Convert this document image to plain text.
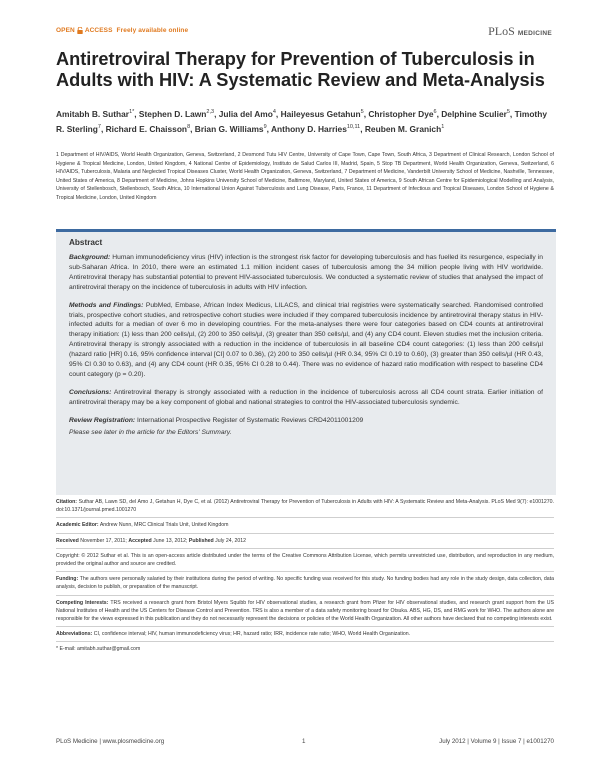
OPEN ACCESS Freely available online	PLoS MEDICINE
Antiretroviral Therapy for Prevention of Tuberculosis in Adults with HIV: A Systematic Review and Meta-Analysis
Amitabh B. Suthar$^{1*}$, Stephen D. Lawn$^{2,3}$, Julia del Amo$^4$, Haileyesus Getahun$^5$, Christopher Dye$^6$, Delphine Sculier$^5$, Timothy R. Sterling$^7$, Richard E. Chaisson$^8$, Brian G. Williams$^9$, Anthony D. Harries$^{10,11}$, Reuben M. Granich$^1$
1 Department of HIV/AIDS, World Health Organization, Geneva, Switzerland, 2 Desmond Tutu HIV Centre, University of Cape Town, Cape Town, South Africa, 3 Department of Clinical Research, London School of Hygiene & Tropical Medicine, London, United Kingdom, 4 National Centre of Epidemiology, Instituto de Salud Carlos III, Madrid, Spain, 5 Stop TB Department, World Health Organization, Geneva, Switzerland, 6 HIV/AIDS, Tuberculosis, Malaria and Neglected Tropical Diseases Cluster, World Health Organization, Geneva, Switzerland, 7 Department of Medicine, Vanderbilt University School of Medicine, Nashville, Tennessee, United States of America, 8 Department of Medicine, Johns Hopkins University School of Medicine, Baltimore, Maryland, United States of America, 9 South African Centre for Epidemiological Modelling and Analysis, University of Stellenbosch, Stellenbosch, South Africa, 10 International Union Against Tuberculosis and Lung Disease, Paris, France, 11 Department of Infectious and Tropical Diseases, London School of Hygiene & Tropical Medicine, London, United Kingdom
Abstract

Background: Human immunodeficiency virus (HIV) infection is the strongest risk factor for developing tuberculosis and has fuelled its resurgence, especially in sub-Saharan Africa. In 2010, there were an estimated 1.1 million incident cases of tuberculosis among the 34 million people living with HIV worldwide. Antiretroviral therapy has substantial potential to prevent HIV-associated tuberculosis. We conducted a systematic review of studies that analysed the impact of antiretroviral therapy on the incidence of tuberculosis in adults with HIV infection.

Methods and Findings: PubMed, Embase, African Index Medicus, LILACS, and clinical trial registries were systematically searched. Randomised controlled trials, prospective cohort studies, and retrospective cohort studies were included if they compared tuberculosis incidence by antiretroviral therapy status in HIV-infected adults for a median of over 6 mo in developing countries. For the meta-analyses there were four categories based on CD4 counts at antiretroviral therapy initiation: (1) less than 200 cells/µl, (2) 200 to 350 cells/µl, (3) greater than 350 cells/µl, and (4) any CD4 count. Eleven studies met the inclusion criteria. Antiretroviral therapy is strongly associated with a reduction in the incidence of tuberculosis in all baseline CD4 count categories: (1) less than 200 cells/µl (hazard ratio [HR] 0.16, 95% confidence interval [CI] 0.07 to 0.36), (2) 200 to 350 cells/µl (HR 0.34, 95% CI 0.19 to 0.60), (3) greater than 350 cells/µl (HR 0.43, 95% CI 0.30 to 0.63), and (4) any CD4 count (HR 0.35, 95% CI 0.28 to 0.44). There was no evidence of hazard ratio modification with respect to baseline CD4 count category (p = 0.20).

Conclusions: Antiretroviral therapy is strongly associated with a reduction in the incidence of tuberculosis across all CD4 count strata. Earlier initiation of antiretroviral therapy may be a key component of global and national strategies to control the HIV-associated tuberculosis syndemic.

Review Registration: International Prospective Register of Systematic Reviews CRD42011001209

Please see later in the article for the Editors' Summary.

Citation: Suthar AB, Lawn SD, del Amo J, Getahun H, Dye C, et al. (2012) Antiretroviral Therapy for Prevention of Tuberculosis in Adults with HIV: A Systematic Review and Meta-Analysis. PLoS Med 9(7): e1001270. doi:10.1371/journal.pmed.1001270
Academic Editor: Andrew Nunn, MRC Clinical Trials Unit, United Kingdom
Received November 17, 2011; Accepted June 13, 2012; Published July 24, 2012
Copyright: © 2012 Suthar et al. This is an open-access article distributed under the terms of the Creative Commons Attribution License, which permits unrestricted use, distribution, and reproduction in any medium, provided the original author and source are credited.
Funding: The authors were personally salaried by their institutions during the period of writing. No specific funding was received for this study. No funding bodies had any role in the study design, data collection, data analysis, decision to publish, or preparation of the manuscript.
Competing Interests: TRS received a research grant from Bristol Myers Squibb for HIV observational studies, a research grant from Pfizer for HIV observational studies, and research grant support from the US National Institutes of Health and the US Centers for Disease Control and Prevention. TRS is also a member of a data safety monitoring board for Otsuka. ABS, HG, DS, and RMG work for WHO. The authors alone are responsible for the views expressed in this publication and they do not necessarily represent the decisions or policies of the World Health Organization. All other authors have declared that no competing interests exist.
Abbreviations: CI, confidence interval; HIV, human immunodeficiency virus; HR, hazard ratio; IRR, incidence rate ratio; WHO, World Health Organization.
* E-mail: amitabh.suthar@gmail.com
PLoS Medicine | www.plosmedicine.org	1	July 2012 | Volume 9 | Issue 7 | e1001270
